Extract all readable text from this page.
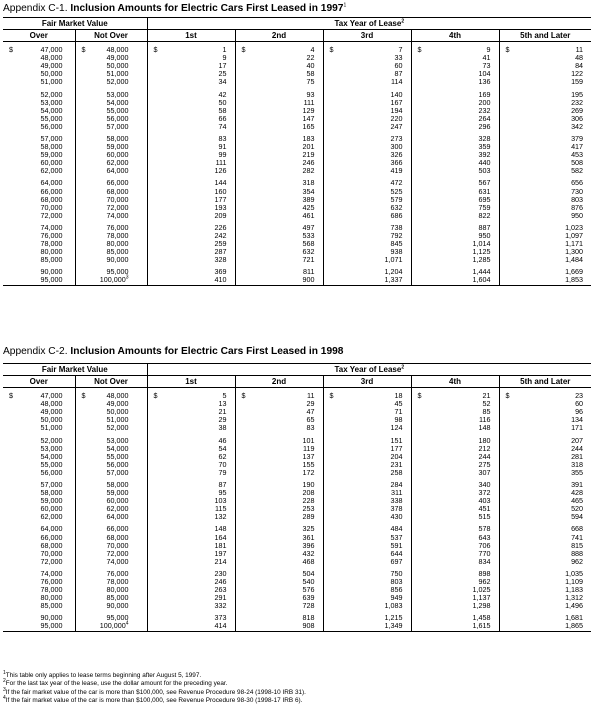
Appendix C-1. Inclusion Amounts for Electric Cars First Leased in 1997$^1$
Fair Market Value		Tax Year of Lease$^2$
Over	Not Over	1st	2nd	3rd	4th	5th and Later

$ 47,000	$ 48,000	$ 1	$ 4	$ 7	$ 9	$ 11
48,000	49,000	9	22	33	41	48
49,000	50,000	17	40	60	73	84
50,000	51,000	25	58	87	104	122
51,000	52,000	34	75	114	136	159

52,000	53,000	42	93	140	169	195
53,000	54,000	50	111	167	200	232
54,000	55,000	58	129	194	232	269
55,000	56,000	66	147	220	264	306
56,000	57,000	74	165	247	296	342

57,000	58,000	83	183	273	328	379
58,000	59,000	91	201	300	359	417
59,000	60,000	99	219	326	392	453
60,000	62,000	111	246	366	440	508
62,000	64,000	126	282	419	503	582

64,000	66,000	144	318	472	567	656
66,000	68,000	160	354	525	631	730
68,000	70,000	177	389	579	695	803
70,000	72,000	193	425	632	759	876
72,000	74,000	209	461	686	822	950

74,000	76,000	226	497	738	887	1,023
76,000	78,000	242	533	792	950	1,097
78,000	80,000	259	568	845	1,014	1,171
80,000	85,000	287	632	938	1,125	1,300
85,000	90,000	328	721	1,071	1,285	1,484

90,000	95,000	369	811	1,204	1,444	1,669
95,000	100,000$^3$	410	900	1,337	1,604	1,853
Appendix C-2. Inclusion Amounts for Electric Cars First Leased in 1998
Fair Market Value		Tax Year of Lease$^2$
Over	Not Over	1st	2nd	3rd	4th	5th and Later

$ 47,000	$ 48,000	$ 5	$ 11	$ 18	$ 21	$ 23
48,000	49,000	13	29	45	52	60
49,000	50,000	21	47	71	85	96
50,000	51,000	29	65	98	116	134
51,000	52,000	38	83	124	148	171

52,000	53,000	46	101	151	180	207
53,000	54,000	54	119	177	212	244
54,000	55,000	62	137	204	244	281
55,000	56,000	70	155	231	275	318
56,000	57,000	79	172	258	307	355

57,000	58,000	87	190	284	340	391
58,000	59,000	95	208	311	372	428
59,000	60,000	103	228	338	403	465
60,000	62,000	115	253	378	451	520
62,000	64,000	132	289	430	515	594

64,000	66,000	148	325	484	578	668
66,000	68,000	164	361	537	643	741
68,000	70,000	181	396	591	706	815
70,000	72,000	197	432	644	770	888
72,000	74,000	214	468	697	834	962

74,000	76,000	230	504	750	898	1,035
76,000	78,000	246	540	803	962	1,109
78,000	80,000	263	576	856	1,025	1,183
80,000	85,000	291	639	949	1,137	1,312
85,000	90,000	332	728	1,083	1,298	1,496

90,000	95,000	373	818	1,215	1,458	1,681
95,000	100,000$^4$	414	908	1,349	1,615	1,865
$^1$This table only applies to lease terms beginning after August 5, 1997.
$^2$For the last tax year of the lease, use the dollar amount for the preceding year.
$^3$If the fair market value of the car is more than $100,000, see Revenue Procedure 98-24 (1998-10 IRB 31).
$^4$If the fair market value of the car is more than $100,000, see Revenue Procedure 98-30 (1998-17 IRB 6).
